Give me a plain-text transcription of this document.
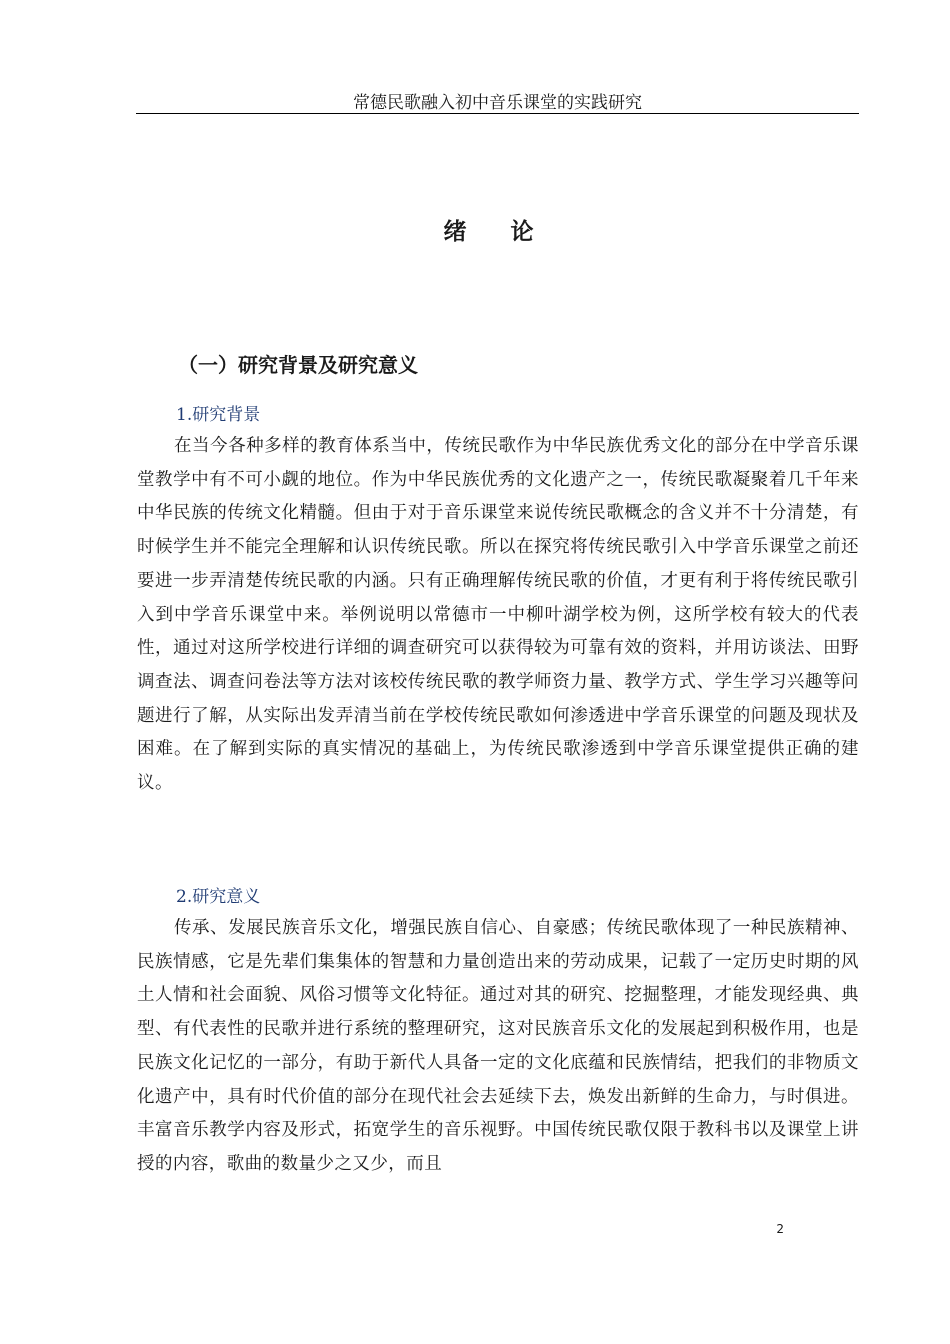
常德民歌融入初中音乐课堂的实践研究
绪 论
（一）研究背景及研究意义
1.研究背景
在当今各种多样的教育体系当中，传统民歌作为中华民族优秀文化的部分在中学音乐课堂教学中有不可小觑的地位。作为中华民族优秀的文化遗产之一，传统民歌凝聚着几千年来中华民族的传统文化精髓。但由于对于音乐课堂来说传统民歌概念的含义并不十分清楚，有时候学生并不能完全理解和认识传统民歌。所以在探究将传统民歌引入中学音乐课堂之前还要进一步弄清楚传统民歌的内涵。只有正确理解传统民歌的价值，才更有利于将传统民歌引入到中学音乐课堂中来。举例说明以常德市一中柳叶湖学校为例，这所学校有较大的代表性，通过对这所学校进行详细的调查研究可以获得较为可靠有效的资料，并用访谈法、田野调查法、调查问卷法等方法对该校传统民歌的教学师资力量、教学方式、学生学习兴趣等问题进行了解，从实际出发弄清当前在学校传统民歌如何渗透进中学音乐课堂的问题及现状及困难。在了解到实际的真实情况的基础上，为传统民歌渗透到中学音乐课堂提供正确的建议。
2.研究意义
传承、发展民族音乐文化，增强民族自信心、自豪感；传统民歌体现了一种民族精神、民族情感，它是先辈们集集体的智慧和力量创造出来的劳动成果，记载了一定历史时期的风土人情和社会面貌、风俗习惯等文化特征。通过对其的研究、挖掘整理，才能发现经典、典型、有代表性的民歌并进行系统的整理研究，这对民族音乐文化的发展起到积极作用，也是民族文化记忆的一部分，有助于新代人具备一定的文化底蕴和民族情结，把我们的非物质文化遗产中，具有时代价值的部分在现代社会去延续下去，焕发出新鲜的生命力，与时俱进。丰富音乐教学内容及形式，拓宽学生的音乐视野。中国传统民歌仅限于教科书以及课堂上讲授的内容，歌曲的数量少之又少，而且
2
